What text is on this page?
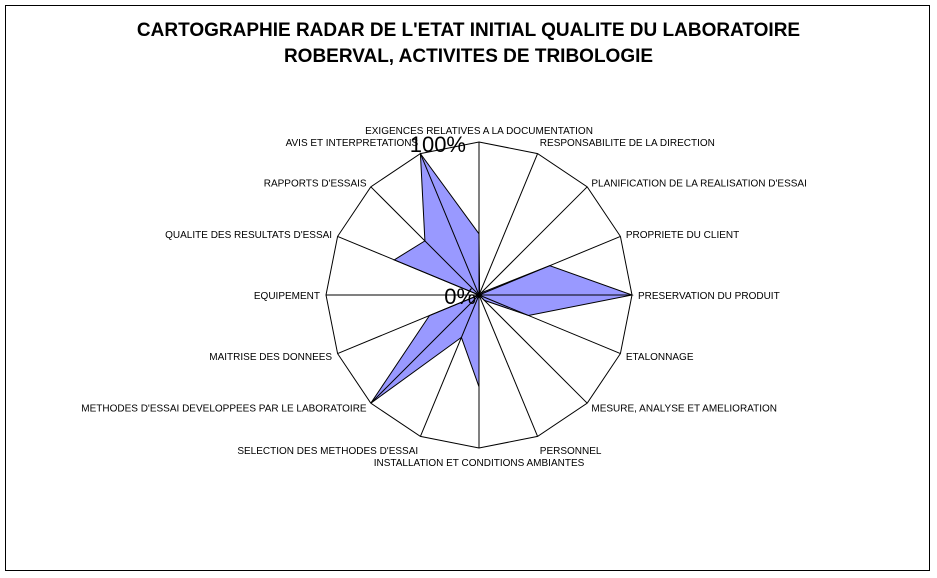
CARTOGRAPHIE RADAR DE L'ETAT INITIAL QUALITE DU LABORATOIRE
ROBERVAL, ACTIVITES DE TRIBOLOGIE
EXIGENCES RELATIVES A LA DOCUMENTATION
RESPONSABILITE DE LA DIRECTION
PLANIFICATION DE LA REALISATION D'ESSAI
PROPRIETE DU CLIENT
PRESERVATION DU PRODUIT
ETALONNAGE
MESURE, ANALYSE ET AMELIORATION
PERSONNEL
INSTALLATION ET CONDITIONS AMBIANTES
SELECTION DES METHODES D'ESSAI
METHODES D'ESSAI DEVELOPPEES PAR LE LABORATOIRE
MAITRISE DES DONNEES
EQUIPEMENT
QUALITE DES RESULTATS D'ESSAI
RAPPORTS D'ESSAIS
AVIS ET INTERPRETATIONS
0%
100%
